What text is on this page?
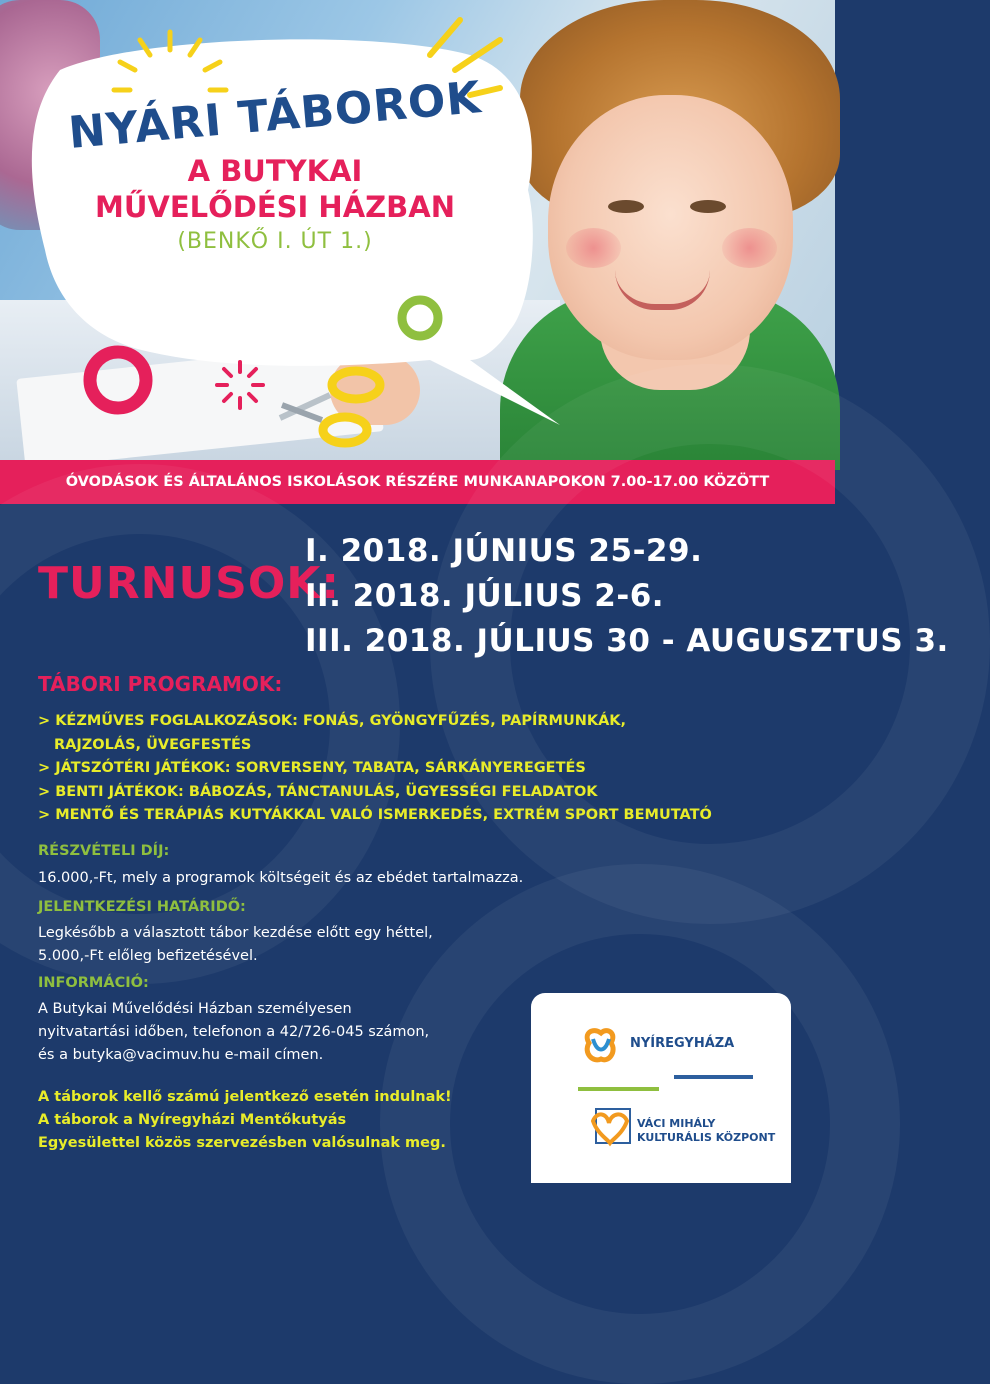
NYÁRI TÁBOROK
A BUTYKAI
MŰVELŐDÉSI HÁZBAN
(BENKŐ I. ÚT 1.)
ÓVODÁSOK ÉS ÁLTALÁNOS ISKOLÁSOK RÉSZÉRE MUNKANAPOKON 7.00-17.00 KÖZÖTT
TURNUSOK:
I. 2018. JÚNIUS 25-29.
II. 2018. JÚLIUS 2-6.
III. 2018. JÚLIUS 30 - AUGUSZTUS 3.
TÁBORI PROGRAMOK:
> KÉZMŰVES FOGLALKOZÁSOK: FONÁS, GYÖNGYFŰZÉS, PAPÍRMUNKÁK,
RAJZOLÁS, ÜVEGFESTÉS
> JÁTSZÓTÉRI JÁTÉKOK: SORVERSENY, TABATA, SÁRKÁNYEREGETÉS
> BENTI JÁTÉKOK: BÁBOZÁS, TÁNCTANULÁS, ÜGYESSÉGI FELADATOK
> MENTŐ ÉS TERÁPIÁS KUTYÁKKAL VALÓ ISMERKEDÉS, EXTRÉM SPORT BEMUTATÓ
RÉSZVÉTELI DÍJ:
16.000,-Ft, mely a programok költségeit és az ebédet tartalmazza.
JELENTKEZÉSI HATÁRIDŐ:
Legkésőbb a választott tábor kezdése előtt egy héttel,
5.000,-Ft előleg befizetésével.
INFORMÁCIÓ:
A Butykai Művelődési Házban személyesen
nyitvatartási időben, telefonon a 42/726-045 számon,
és a butyka@vacimuv.hu e-mail címen.
A táborok kellő számú jelentkező esetén indulnak!
A táborok a Nyíregyházi Mentőkutyás
Egyesülettel közös szervezésben valósulnak meg.
NYÍREGYHÁZA
VÁCI MIHÁLY
KULTURÁLIS KÖZPONT
